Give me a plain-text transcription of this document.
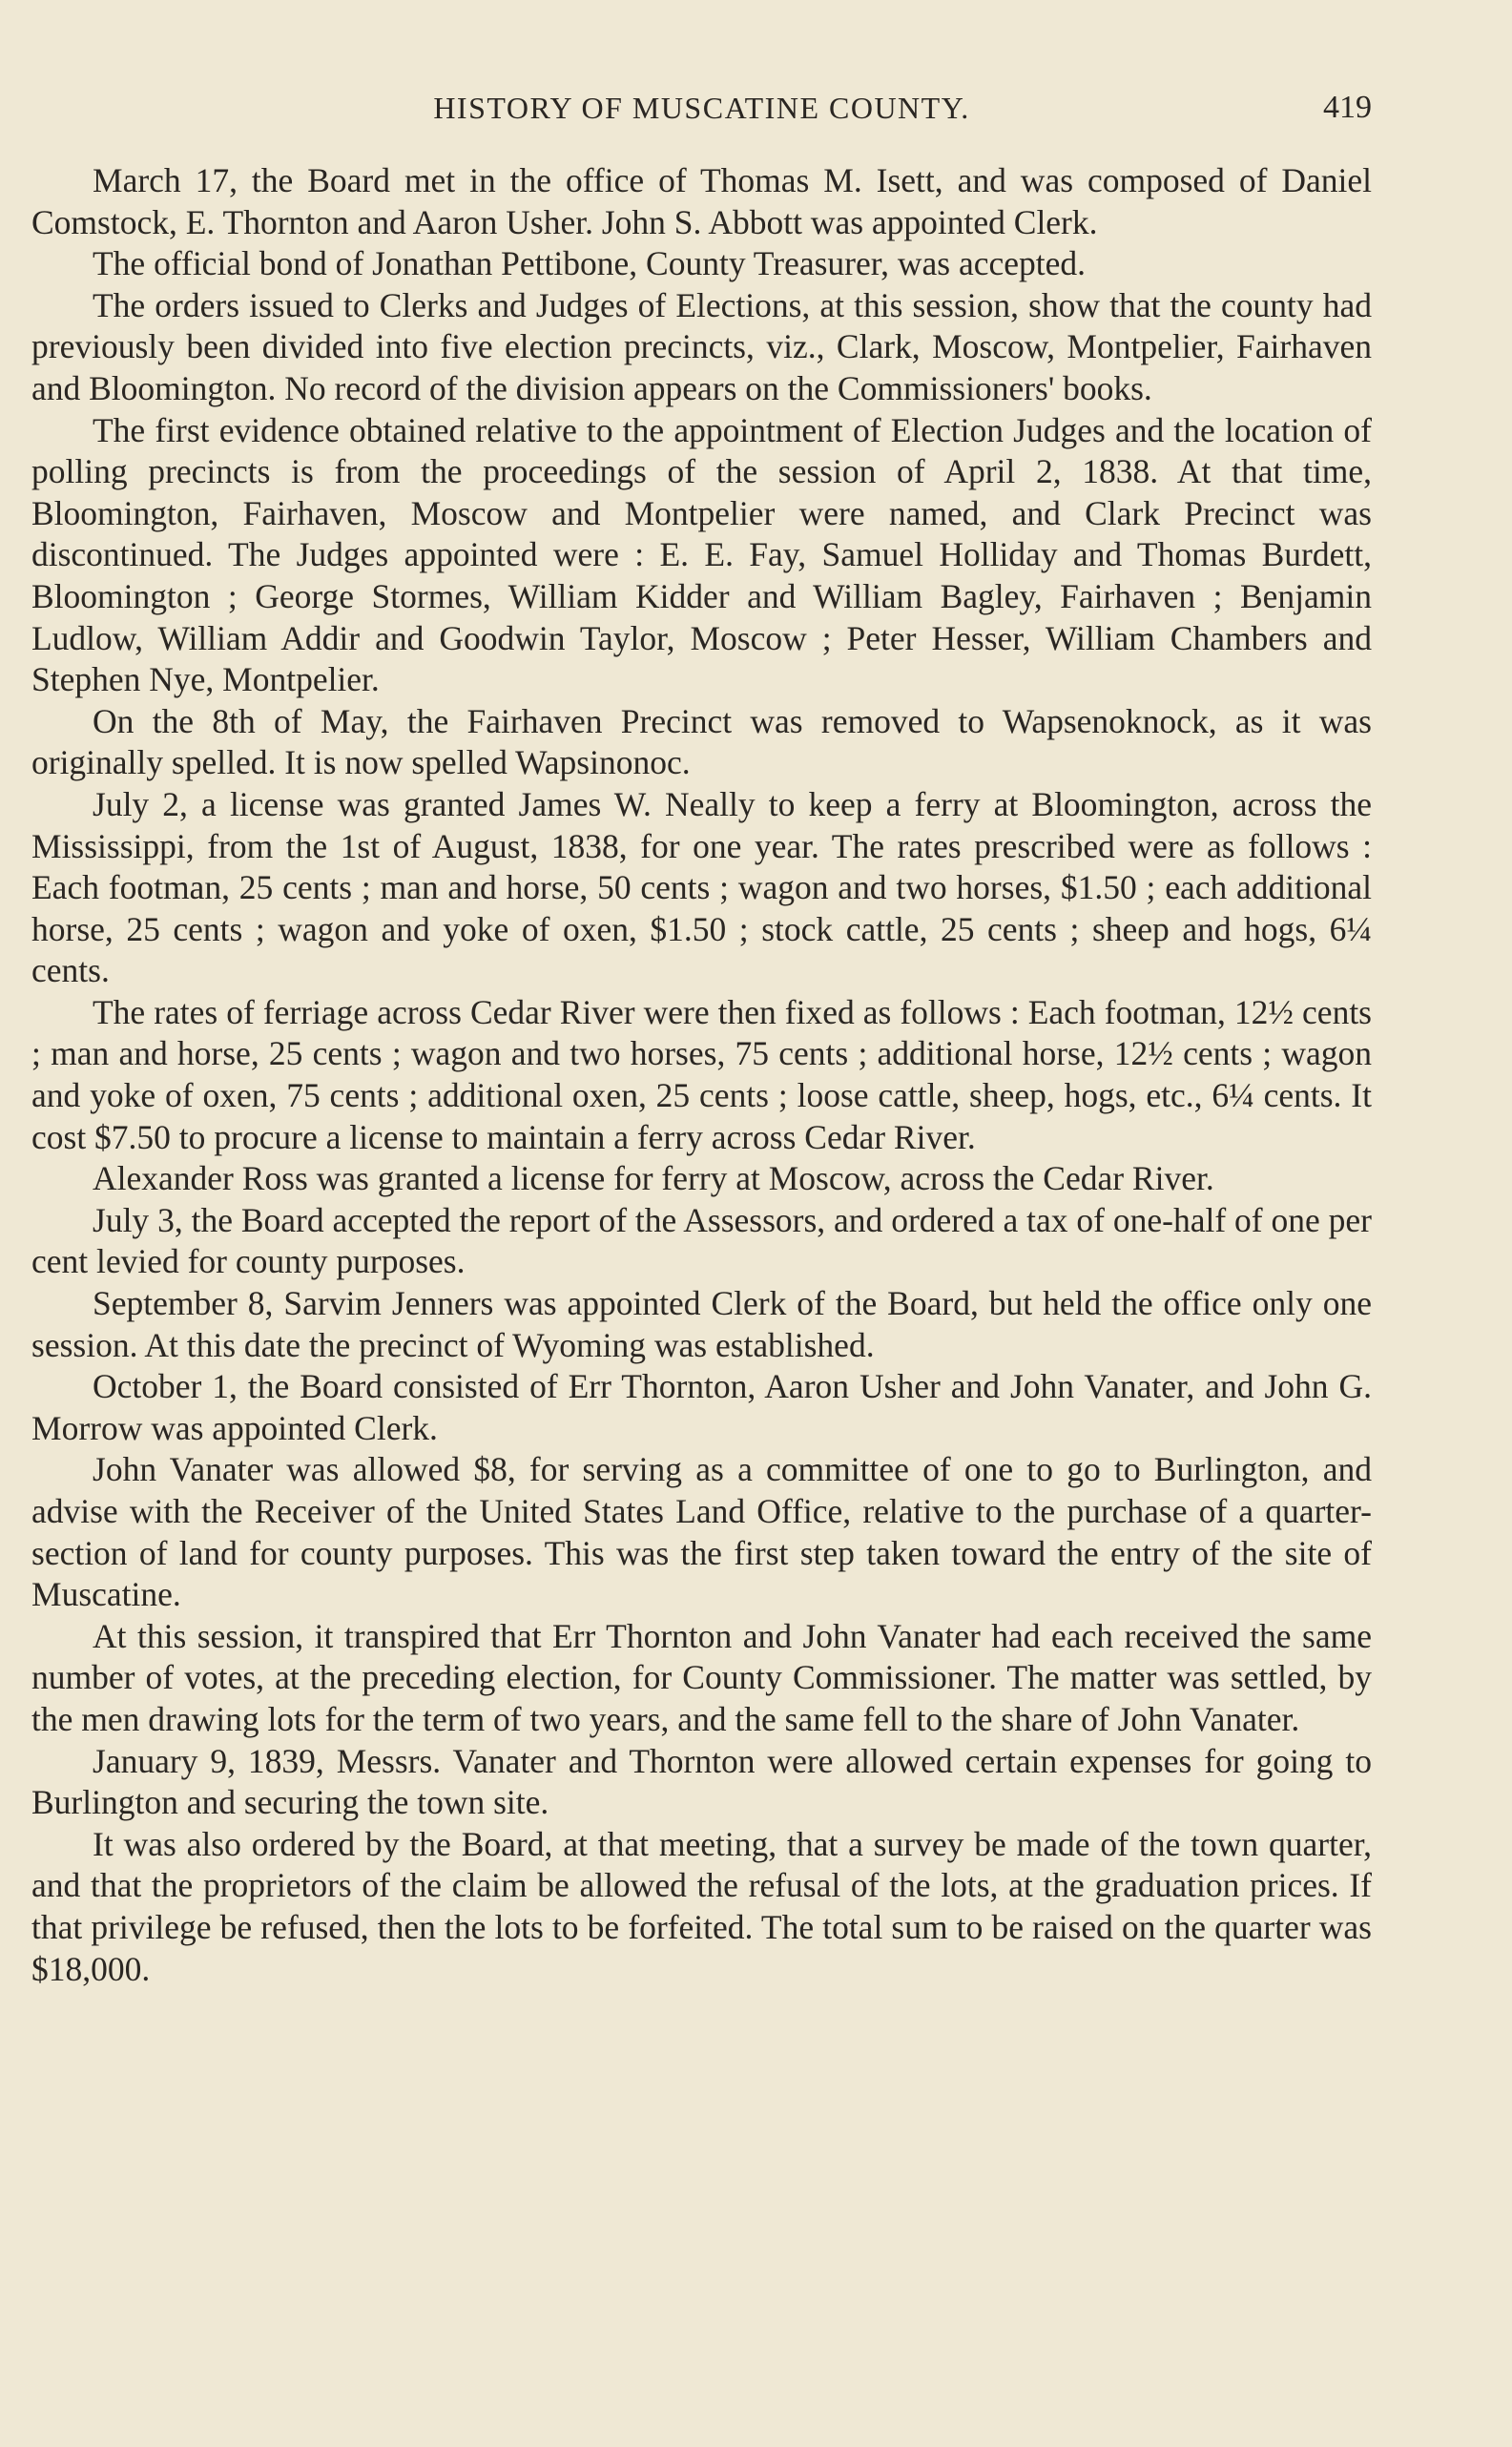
HISTORY OF MUSCATINE COUNTY.	419

March 17, the Board met in the office of Thomas M. Isett, and was composed of Daniel Comstock, E. Thornton and Aaron Usher. John S. Abbott was appointed Clerk.

The official bond of Jonathan Pettibone, County Treasurer, was accepted.

The orders issued to Clerks and Judges of Elections, at this session, show that the county had previously been divided into five election precincts, viz., Clark, Moscow, Montpelier, Fairhaven and Bloomington. No record of the division appears on the Commissioners' books.

The first evidence obtained relative to the appointment of Election Judges and the location of polling precincts is from the proceedings of the session of April 2, 1838. At that time, Bloomington, Fairhaven, Moscow and Montpelier were named, and Clark Precinct was discontinued. The Judges appointed were : E. E. Fay, Samuel Holliday and Thomas Burdett, Bloomington ; George Stormes, William Kidder and William Bagley, Fairhaven ; Benjamin Ludlow, William Addir and Goodwin Taylor, Moscow ; Peter Hesser, William Chambers and Stephen Nye, Montpelier.

On the 8th of May, the Fairhaven Precinct was removed to Wapsenoknock, as it was originally spelled. It is now spelled Wapsinonoc.

July 2, a license was granted James W. Neally to keep a ferry at Bloomington, across the Mississippi, from the 1st of August, 1838, for one year. The rates prescribed were as follows : Each footman, 25 cents ; man and horse, 50 cents ; wagon and two horses, $1.50 ; each additional horse, 25 cents ; wagon and yoke of oxen, $1.50 ; stock cattle, 25 cents ; sheep and hogs, 6¼ cents.

The rates of ferriage across Cedar River were then fixed as follows : Each footman, 12½ cents ; man and horse, 25 cents ; wagon and two horses, 75 cents ; additional horse, 12½ cents ; wagon and yoke of oxen, 75 cents ; additional oxen, 25 cents ; loose cattle, sheep, hogs, etc., 6¼ cents. It cost $7.50 to procure a license to maintain a ferry across Cedar River.

Alexander Ross was granted a license for ferry at Moscow, across the Cedar River.

July 3, the Board accepted the report of the Assessors, and ordered a tax of one-half of one per cent levied for county purposes.

September 8, Sarvim Jenners was appointed Clerk of the Board, but held the office only one session. At this date the precinct of Wyoming was established.

October 1, the Board consisted of Err Thornton, Aaron Usher and John Vanater, and John G. Morrow was appointed Clerk.

John Vanater was allowed $8, for serving as a committee of one to go to Burlington, and advise with the Receiver of the United States Land Office, relative to the purchase of a quarter-section of land for county purposes. This was the first step taken toward the entry of the site of Muscatine.

At this session, it transpired that Err Thornton and John Vanater had each received the same number of votes, at the preceding election, for County Commissioner. The matter was settled, by the men drawing lots for the term of two years, and the same fell to the share of John Vanater.

January 9, 1839, Messrs. Vanater and Thornton were allowed certain expenses for going to Burlington and securing the town site.

It was also ordered by the Board, at that meeting, that a survey be made of the town quarter, and that the proprietors of the claim be allowed the refusal of the lots, at the graduation prices. If that privilege be refused, then the lots to be forfeited. The total sum to be raised on the quarter was $18,000.
